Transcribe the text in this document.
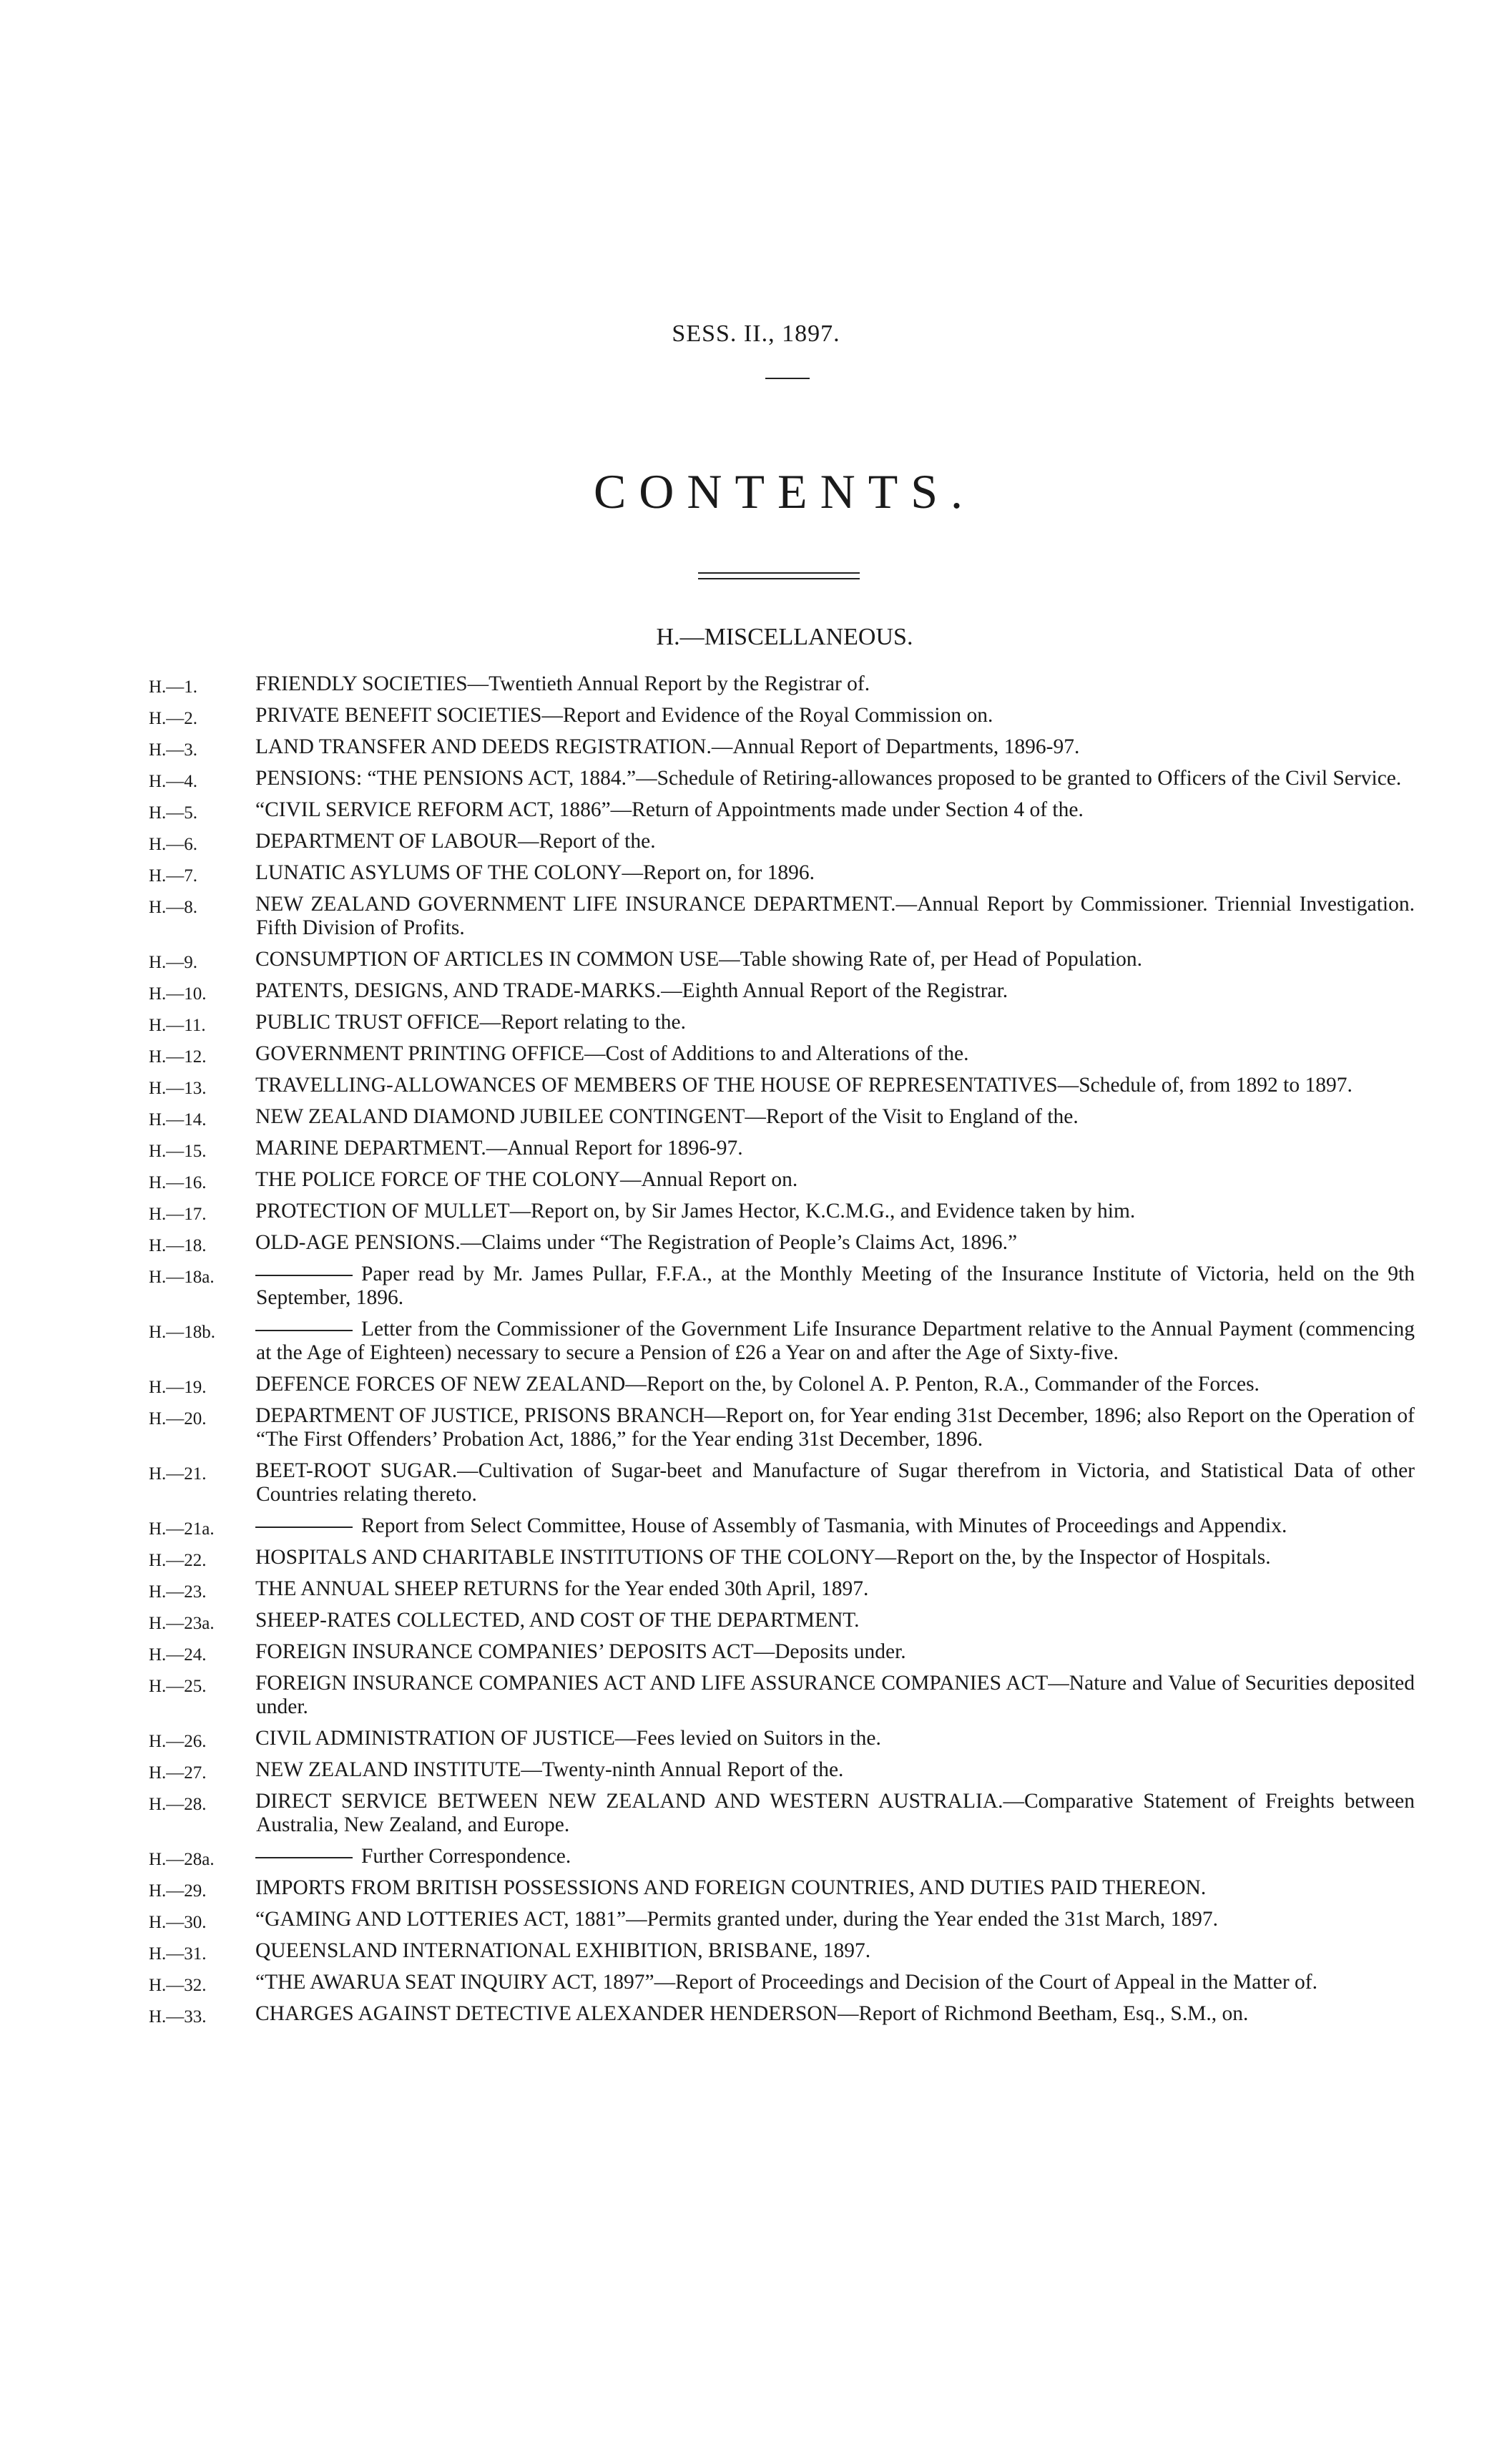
SESS. II., 1897.
CONTENTS.
H.—MISCELLANEOUS.
H.—1.	FRIENDLY SOCIETIES—Twentieth Annual Report by the Registrar of.
H.—2.	PRIVATE BENEFIT SOCIETIES—Report and Evidence of the Royal Commission on.
H.—3.	LAND TRANSFER AND DEEDS REGISTRATION.—Annual Report of Departments, 1896-97.
H.—4.	PENSIONS: “THE PENSIONS ACT, 1884.”—Schedule of Retiring-allowances proposed to be granted to Officers of the Civil Service.
H.—5.	“CIVIL SERVICE REFORM ACT, 1886”—Return of Appointments made under Section 4 of the.
H.—6.	DEPARTMENT OF LABOUR—Report of the.
H.—7.	LUNATIC ASYLUMS OF THE COLONY—Report on, for 1896.
H.—8.	NEW ZEALAND GOVERNMENT LIFE INSURANCE DEPARTMENT.—Annual Report by Commissioner. Triennial Investigation. Fifth Division of Profits.
H.—9.	CONSUMPTION OF ARTICLES IN COMMON USE—Table showing Rate of, per Head of Population.
H.—10.	PATENTS, DESIGNS, AND TRADE-MARKS.—Eighth Annual Report of the Registrar.
H.—11.	PUBLIC TRUST OFFICE—Report relating to the.
H.—12.	GOVERNMENT PRINTING OFFICE—Cost of Additions to and Alterations of the.
H.—13.	TRAVELLING-ALLOWANCES OF MEMBERS OF THE HOUSE OF REPRESENTATIVES—Schedule of, from 1892 to 1897.
H.—14.	NEW ZEALAND DIAMOND JUBILEE CONTINGENT—Report of the Visit to England of the.
H.—15.	MARINE DEPARTMENT.—Annual Report for 1896-97.
H.—16.	THE POLICE FORCE OF THE COLONY—Annual Report on.
H.—17.	PROTECTION OF MULLET—Report on, by Sir James Hector, K.C.M.G., and Evidence taken by him.
H.—18.	OLD-AGE PENSIONS.—Claims under “The Registration of People’s Claims Act, 1896.”
H.—18a.	Paper read by Mr. James Pullar, F.F.A., at the Monthly Meeting of the Insurance Institute of Victoria, held on the 9th September, 1896.
H.—18b.	Letter from the Commissioner of the Government Life Insurance Department relative to the Annual Payment (commencing at the Age of Eighteen) necessary to secure a Pension of £26 a Year on and after the Age of Sixty-five.
H.—19.	DEFENCE FORCES OF NEW ZEALAND—Report on the, by Colonel A. P. Penton, R.A., Commander of the Forces.
H.—20.	DEPARTMENT OF JUSTICE, PRISONS BRANCH—Report on, for Year ending 31st December, 1896; also Report on the Operation of “The First Offenders’ Probation Act, 1886,” for the Year ending 31st December, 1896.
H.—21.	BEET-ROOT SUGAR.—Cultivation of Sugar-beet and Manufacture of Sugar therefrom in Victoria, and Statistical Data of other Countries relating thereto.
H.—21a.	Report from Select Committee, House of Assembly of Tasmania, with Minutes of Proceedings and Appendix.
H.—22.	HOSPITALS AND CHARITABLE INSTITUTIONS OF THE COLONY—Report on the, by the Inspector of Hospitals.
H.—23.	THE ANNUAL SHEEP RETURNS for the Year ended 30th April, 1897.
H.—23a.	SHEEP-RATES COLLECTED, AND COST OF THE DEPARTMENT.
H.—24.	FOREIGN INSURANCE COMPANIES’ DEPOSITS ACT—Deposits under.
H.—25.	FOREIGN INSURANCE COMPANIES ACT AND LIFE ASSURANCE COMPANIES ACT—Nature and Value of Securities deposited under.
H.—26.	CIVIL ADMINISTRATION OF JUSTICE—Fees levied on Suitors in the.
H.—27.	NEW ZEALAND INSTITUTE—Twenty-ninth Annual Report of the.
H.—28.	DIRECT SERVICE BETWEEN NEW ZEALAND AND WESTERN AUSTRALIA.—Comparative Statement of Freights between Australia, New Zealand, and Europe.
H.—28a.	Further Correspondence.
H.—29.	IMPORTS FROM BRITISH POSSESSIONS AND FOREIGN COUNTRIES, AND DUTIES PAID THEREON.
H.—30.	“GAMING AND LOTTERIES ACT, 1881”—Permits granted under, during the Year ended the 31st March, 1897.
H.—31.	QUEENSLAND INTERNATIONAL EXHIBITION, BRISBANE, 1897.
H.—32.	“THE AWARUA SEAT INQUIRY ACT, 1897”—Report of Proceedings and Decision of the Court of Appeal in the Matter of.
H.—33.	CHARGES AGAINST DETECTIVE ALEXANDER HENDERSON—Report of Richmond Beetham, Esq., S.M., on.
